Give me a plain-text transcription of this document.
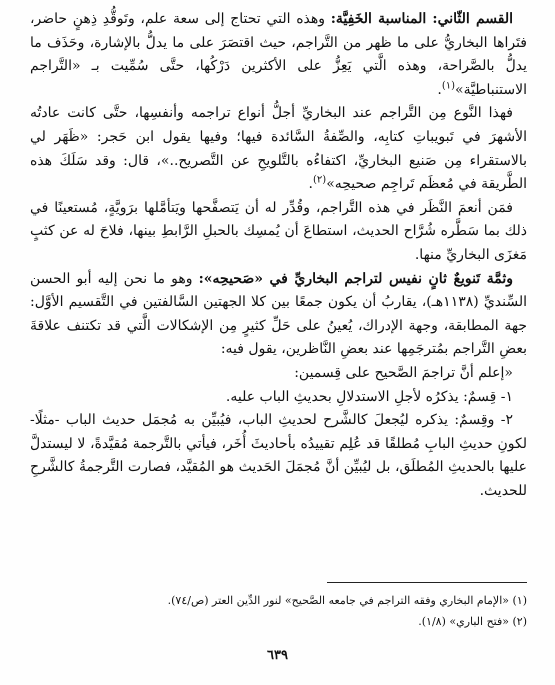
القسم الثّاني: المناسبة الخَفِيَّة: وهذه التي تحتاج إلى سعة علم، وتَوقُّدِ ذِهنٍ حاضر، فتَراها البخاريُّ على ما ظهر من التَّراجم، حيث اقتصَرَ على ما يدلُّ بالإشارة، وحَذَف ما يدلُّ بالصَّراحة، وهذه الَّتي يَعِزُّ على الأكثرين دَرْكُها، حتَّى سُمِّيت بـ «التَّراجم الاستنباطيَّة»$^{(١)}$.

فهذا النَّوع مِن التَّراجم عند البخاريِّ أجلُّ أنواع تراجمه وأنفسِها، حتَّى كانت عادتُه الأشهرَ في تَبويباتِ كتابِه، والصِّفةُ السَّائدة فيها؛ وفيها يقول ابن حَجر: «ظَهَر لي بالاستقراء مِن صَنيع البخاريِّ، اكتفاءُه بالتَّلويحِ عن التَّصريح..»، قال: وقد سَلَكَ هذه الطَّريقة في مُعظَم تَراجِم صحيحِه»$^{(٢)}$.

فمَن أنعمَ النَّظَر في هذه التَّراجم، وقُدِّر له أن يَتصفَّحها ويَتأمَّلها برَويَّةٍ، مُستعينًا في ذلك بما سَطَّره شُرَّاح الحديث، استطاعَ أن يُمسِك بالحبلِ الرَّابطِ بينها، فلاحَ له عن كثبٍ مَغزَى البخاريِّ منها.

وثمَّة تَنويعٌ ثانٍ نفيس لتراجم البخاريِّ في «صَحيحِه»: وهو ما نحن إليه أبو الحسن السِّنديِّ (١١٣٨هـ)، يقاربُ أن يكون جمعًا بين كلا الجهتين السَّالفتين في التَّقسيم الأوَّل: جهة المطابقة، وجهة الإدراك، يُعينُ على حَلِّ كثيرٍ مِن الإشكالات الَّتي قد تكتنف علاقةَ بعضِ التَّراجم بمُترجَمِها عند بعضِ النَّاظرين، يقول فيه:

«إعلم أنَّ تراجمَ الصَّحيح على قِسمين:

١- قِسمٌ: يذكرُه لأجلِ الاستدلالِ بحديثِ الباب عليه.

٢- وقِسمٌ: يذكره ليُجعلَ كالشَّرح لحديثِ الباب، فيُبيِّن به مُجمَل حديث الباب -مثلًا- لكونِ حديثِ البابِ مُطلقًا قد عُلِم تقييدُه بأحاديثَ أُخَر، فيأتي بالتَّرجمة مُقيَّدةً، لا ليستدلَّ عليها بالحديثِ المُطلَق، بل ليُبيِّن أنَّ مُجمَلَ الحَديث هو المُقيَّد، فصارت التَّرجمةُ كالشَّرحِ للحديث.

(١) «الإمام البخاري وفقه التراجم في جامعه الصَّحيح» لنور الدِّين العتر (ص/٧٤).

(٢) «فتح الباري» (١/٨).

٦٣٩
